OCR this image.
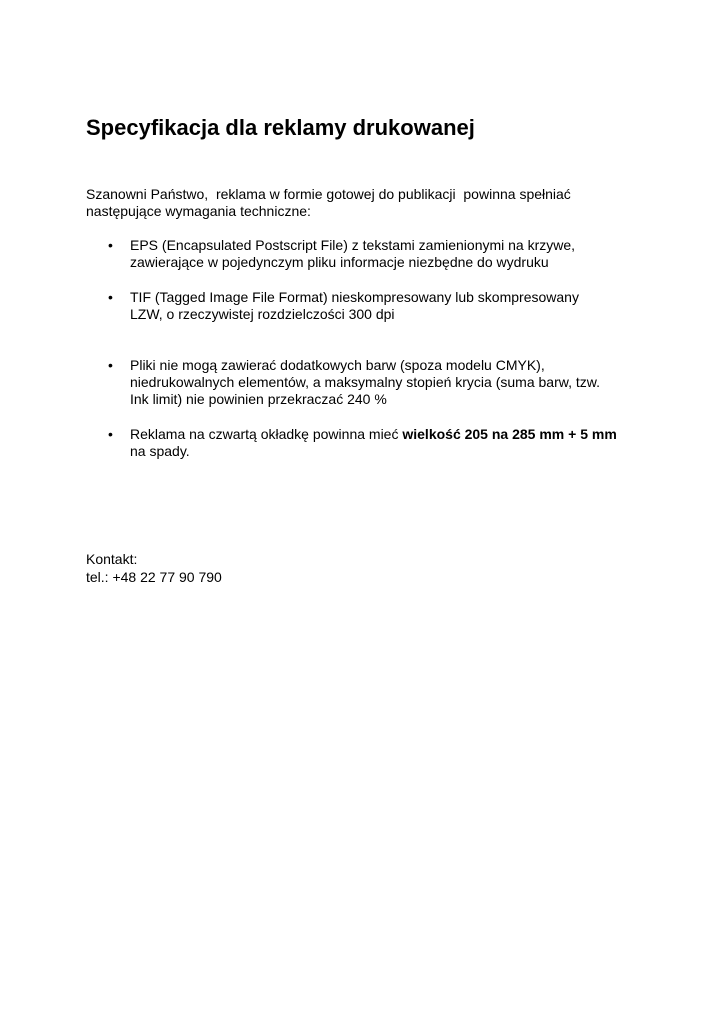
Specyfikacja dla reklamy drukowanej

Szanowni Państwo,  reklama w formie gotowej do publikacji  powinna spełniać
następujące wymagania techniczne:

• EPS (Encapsulated Postscript File) z tekstami zamienionymi na krzywe,
zawierające w pojedynczym pliku informacje niezbędne do wydruku
• TIF (Tagged Image File Format) nieskompresowany lub skompresowany
LZW, o rzeczywistej rozdzielczości 300 dpi
• Pliki nie mogą zawierać dodatkowych barw (spoza modelu CMYK),
niedrukowalnych elementów, a maksymalny stopień krycia (suma barw, tzw.
Ink limit) nie powinien przekraczać 240 %
• Reklama na czwartą okładkę powinna mieć wielkość 205 na 285 mm + 5 mm
na spady.
Kontakt:
tel.: +48 22 77 90 790
